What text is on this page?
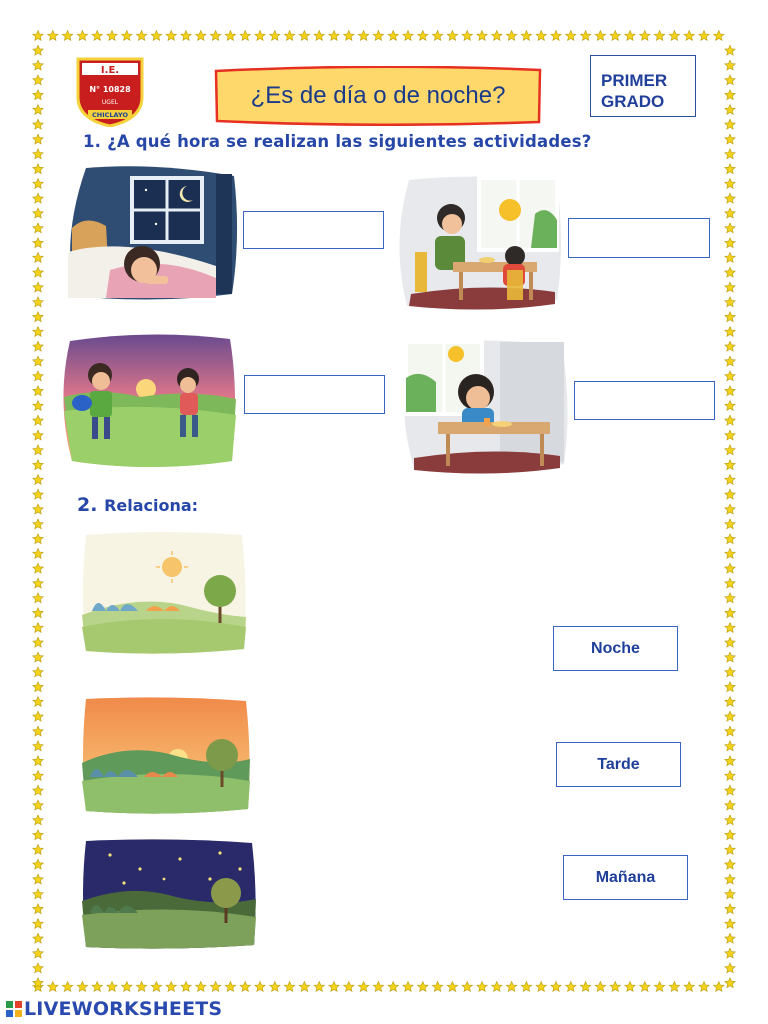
I.E.
N° 10828
UGEL
CHICLAYO
¿Es de día o de noche?
PRIMER
GRADO
1. ¿A qué hora se realizan las siguientes actividades?
2. Relaciona:
Noche
Tarde
Mañana
LIVEWORKSHEETS
